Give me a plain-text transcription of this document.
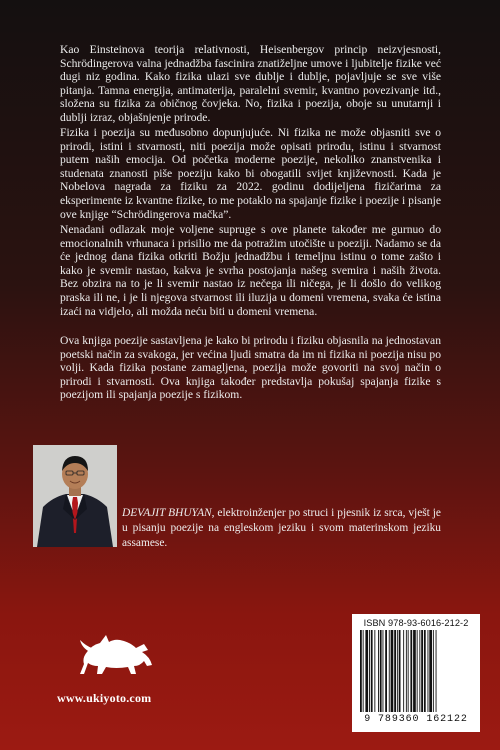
Kao Einsteinova teorija relativnosti, Heisenbergov princip neizvjesnosti, Schrödingerova valna jednadžba fascinira znatiželjne umove i ljubitelje fizike već dugi niz godina. Kako fizika ulazi sve dublje i dublje, pojavljuje se sve više pitanja. Tamna energija, antimaterija, paralelni svemir, kvantno povezivanje itd., složena su fizika za običnog čovjeka. No, fizika i poezija, oboje su unutarnji i dublji izraz, objašnjenje prirode.

Fizika i poezija su međusobno dopunjujuće. Ni fizika ne može objasniti sve o prirodi, istini i stvarnosti, niti poezija može opisati prirodu, istinu i stvarnost putem naših emocija. Od početka moderne poezije, nekoliko znanstvenika i studenata znanosti piše poeziju kako bi obogatili svijet književnosti. Kada je Nobelova nagrada za fiziku za 2022. godinu dodijeljena fizičarima za eksperimente iz kvantne fizike, to me potaklo na spajanje fizike i poezije i pisanje ove knjige “Schrödingerova mačka”.

Nenadani odlazak moje voljene supruge s ove planete također me gurnuo do emocionalnih vrhunaca i prisilio me da potražim utočište u poeziji. Nadamo se da će jednog dana fizika otkriti Božju jednadžbu i temeljnu istinu o tome zašto i kako je svemir nastao, kakva je svrha postojanja našeg svemira i naših života. Bez obzira na to je li svemir nastao iz nečega ili ničega, je li došlo do velikog praska ili ne, i je li njegova stvarnost ili iluzija u domeni vremena, svaka će istina izaći na vidjelo, ali možda neću biti u domeni vremena.

Ova knjiga poezije sastavljena je kako bi prirodu i fiziku objasnila na jednostavan poetski način za svakoga, jer većina ljudi smatra da im ni fizika ni poezija nisu po volji. Kada fizika postane zamagljena, poezija može govoriti na svoj način o prirodi i stvarnosti. Ova knjiga također predstavlja pokušaj spajanja fizike s poezijom ili spajanja poezije s fizikom.

DEVAJIT BHUYAN, elektroinženjer po struci i pjesnik iz srca, vješt je u pisanju poezije na engleskom jeziku i svom materinskom jeziku assamese.

ISBN 978-93-6016-212-2
9 789360 162122
www.ukiyoto.com
